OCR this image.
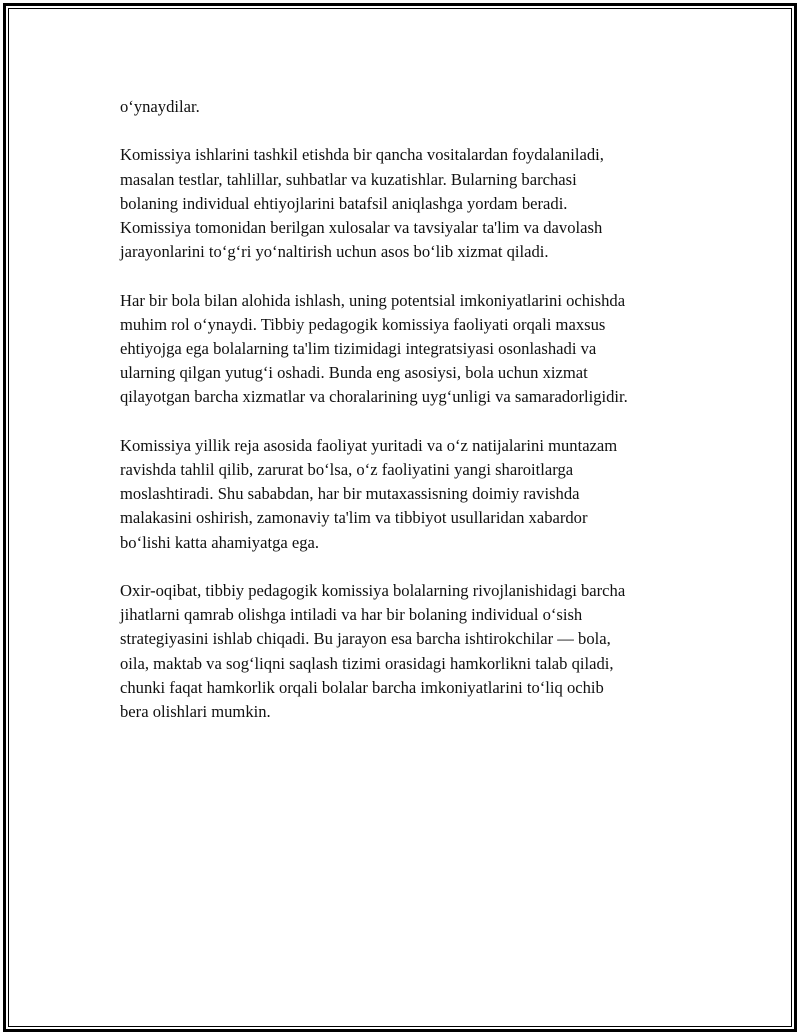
o‘ynaydilar.

Komissiya ishlarini tashkil etishda bir qancha vositalardan foydalaniladi,
masalan testlar, tahlillar, suhbatlar va kuzatishlar. Bularning barchasi
bolaning individual ehtiyojlarini batafsil aniqlashga yordam beradi.
Komissiya tomonidan berilgan xulosalar va tavsiyalar ta'lim va davolash
jarayonlarini to‘g‘ri yo‘naltirish uchun asos bo‘lib xizmat qiladi.

Har bir bola bilan alohida ishlash, uning potentsial imkoniyatlarini ochishda
muhim rol o‘ynaydi. Tibbiy pedagogik komissiya faoliyati orqali maxsus
ehtiyojga ega bolalarning ta'lim tizimidagi integratsiyasi osonlashadi va
ularning qilgan yutug‘i oshadi. Bunda eng asosiysi, bola uchun xizmat
qilayotgan barcha xizmatlar va choralarining uyg‘unligi va samaradorligidir.

Komissiya yillik reja asosida faoliyat yuritadi va o‘z natijalarini muntazam
ravishda tahlil qilib, zarurat bo‘lsa, o‘z faoliyatini yangi sharoitlarga
moslashtiradi. Shu sababdan, har bir mutaxassisning doimiy ravishda
malakasini oshirish, zamonaviy ta'lim va tibbiyot usullaridan xabardor
bo‘lishi katta ahamiyatga ega.

Oxir-oqibat, tibbiy pedagogik komissiya bolalarning rivojlanishidagi barcha
jihatlarni qamrab olishga intiladi va har bir bolaning individual o‘sish
strategiyasini ishlab chiqadi. Bu jarayon esa barcha ishtirokchilar — bola,
oila, maktab va sog‘liqni saqlash tizimi orasidagi hamkorlikni talab qiladi,
chunki faqat hamkorlik orqali bolalar barcha imkoniyatlarini to‘liq ochib
bera olishlari mumkin.
